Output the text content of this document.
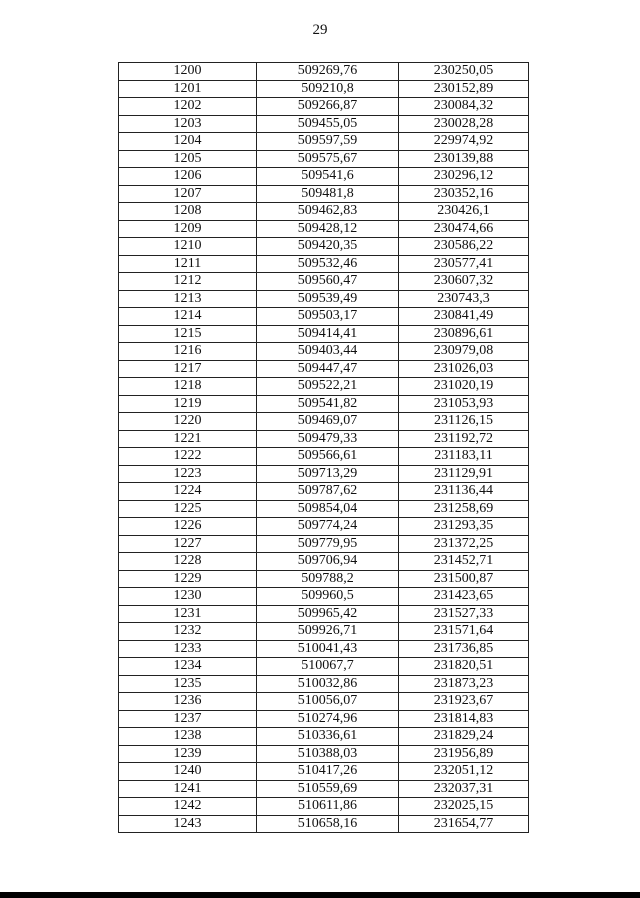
29
1200	509269,76	230250,05
1201	509210,8	230152,89
1202	509266,87	230084,32
1203	509455,05	230028,28
1204	509597,59	229974,92
1205	509575,67	230139,88
1206	509541,6	230296,12
1207	509481,8	230352,16
1208	509462,83	230426,1
1209	509428,12	230474,66
1210	509420,35	230586,22
1211	509532,46	230577,41
1212	509560,47	230607,32
1213	509539,49	230743,3
1214	509503,17	230841,49
1215	509414,41	230896,61
1216	509403,44	230979,08
1217	509447,47	231026,03
1218	509522,21	231020,19
1219	509541,82	231053,93
1220	509469,07	231126,15
1221	509479,33	231192,72
1222	509566,61	231183,11
1223	509713,29	231129,91
1224	509787,62	231136,44
1225	509854,04	231258,69
1226	509774,24	231293,35
1227	509779,95	231372,25
1228	509706,94	231452,71
1229	509788,2	231500,87
1230	509960,5	231423,65
1231	509965,42	231527,33
1232	509926,71	231571,64
1233	510041,43	231736,85
1234	510067,7	231820,51
1235	510032,86	231873,23
1236	510056,07	231923,67
1237	510274,96	231814,83
1238	510336,61	231829,24
1239	510388,03	231956,89
1240	510417,26	232051,12
1241	510559,69	232037,31
1242	510611,86	232025,15
1243	510658,16	231654,77
